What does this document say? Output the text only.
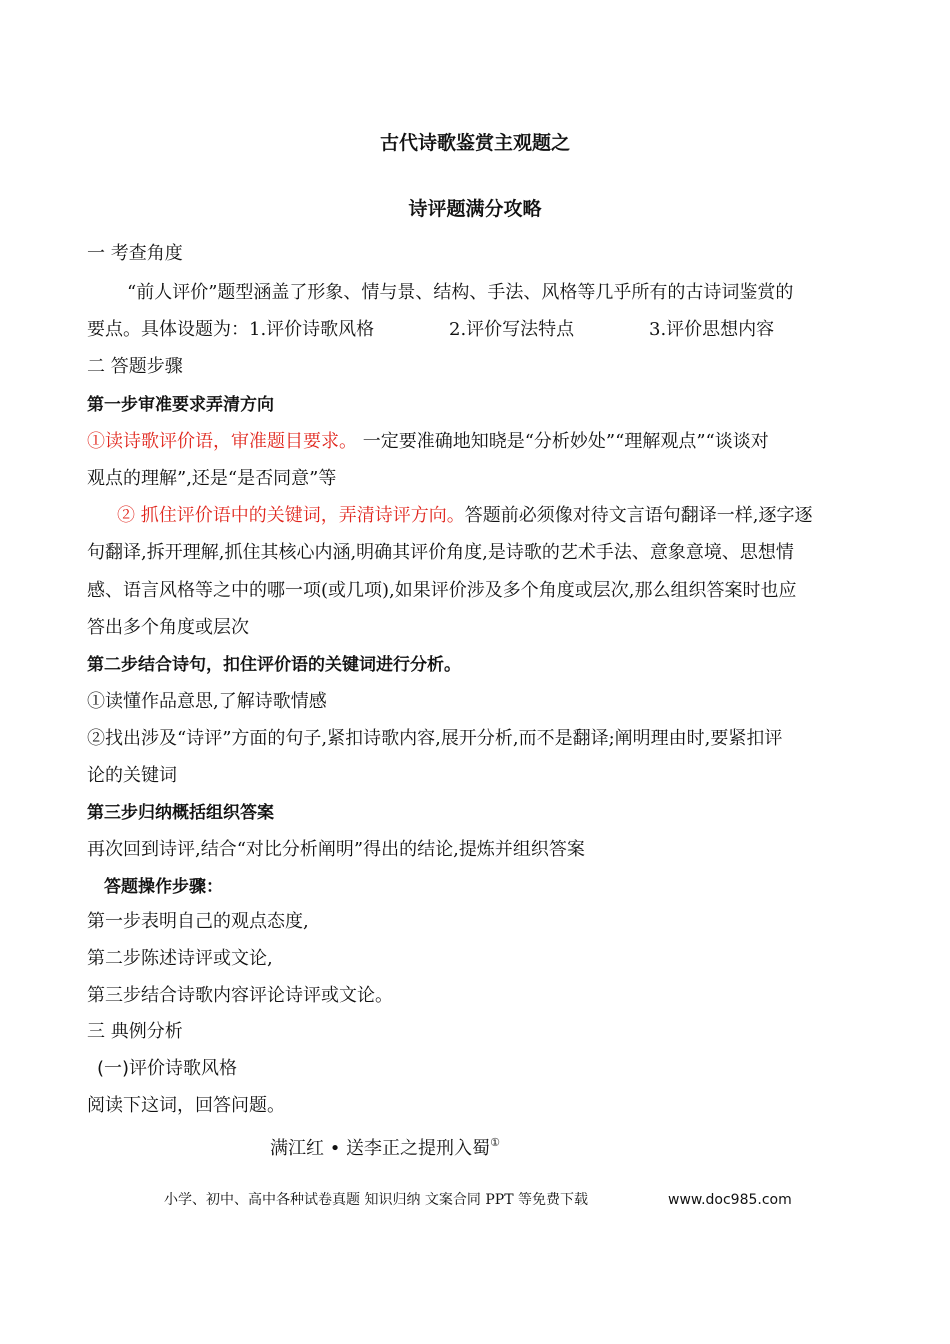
古代诗歌鉴赏主观题之
诗评题满分攻略
一 考查角度
“前人评价”题型涵盖了形象、情与景、结构、手法、风格等几乎所有的古诗词鉴赏的
要点。具体设题为：1.评价诗歌风格	2.评价写法特点	3.评价思想内容
二 答题步骤
第一步审准要求弄清方向
①读诗歌评价语，审准题目要求。 一定要准确地知晓是“分析妙处”“理解观点”“谈谈对
观点的理解”,还是“是否同意”等
② 抓住评价语中的关键词，弄清诗评方向。答题前必须像对待文言语句翻译一样,逐字逐
句翻译,拆开理解,抓住其核心内涵,明确其评价角度,是诗歌的艺术手法、意象意境、思想情
感、语言风格等之中的哪一项(或几项),如果评价涉及多个角度或层次,那么组织答案时也应
答出多个角度或层次
第二步结合诗句，扣住评价语的关键词进行分析。
①读懂作品意思,了解诗歌情感
②找出涉及“诗评”方面的句子,紧扣诗歌内容,展开分析,而不是翻译;阐明理由时,要紧扣评
论的关键词
第三步归纳概括组织答案
再次回到诗评,结合“对比分析阐明”得出的结论,提炼并组织答案
答题操作步骤：
第一步表明自己的观点态度,
第二步陈述诗评或文论,
第三步结合诗歌内容评论诗评或文论。
三 典例分析
(一)评价诗歌风格
阅读下这词，回答问题。
满江红 • 送李正之提刑入蜀①
小学、初中、高中各种试卷真题 知识归纳 文案合同 PPT 等免费下载	www.doc985.com
